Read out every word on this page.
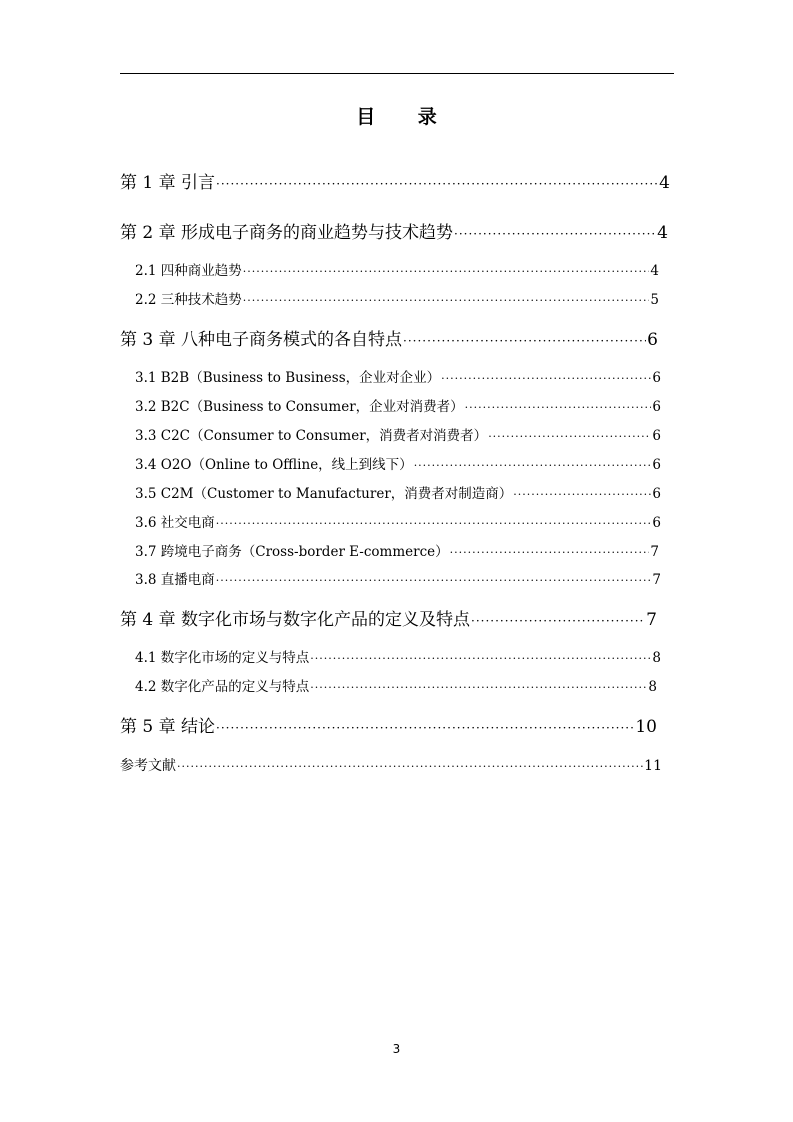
目 录
第 1 章 引言 ·····	4
第 2 章 形成电子商务的商业趋势与技术趋势 ·····	4
2.1 四种商业趋势 ·····	4
2.2 三种技术趋势 ·····	5
第 3 章 八种电子商务模式的各自特点 ·····	6
3.1 B2B（Business to Business，企业对企业） ·····	6
3.2 B2C（Business to Consumer，企业对消费者） ·····	6
3.3 C2C（Consumer to Consumer，消费者对消费者） ·····	6
3.4 O2O（Online to Offline，线上到线下） ·····	6
3.5 C2M（Customer to Manufacturer，消费者对制造商） ·····	6
3.6 社交电商 ·····	6
3.7 跨境电子商务（Cross-border E-commerce） ·····	7
3.8 直播电商 ·····	7
第 4 章 数字化市场与数字化产品的定义及特点 ·····	7
4.1 数字化市场的定义与特点 ·····	8
4.2 数字化产品的定义与特点 ·····	8
第 5 章 结论 ·····	10
参考文献 ·····	11
3
